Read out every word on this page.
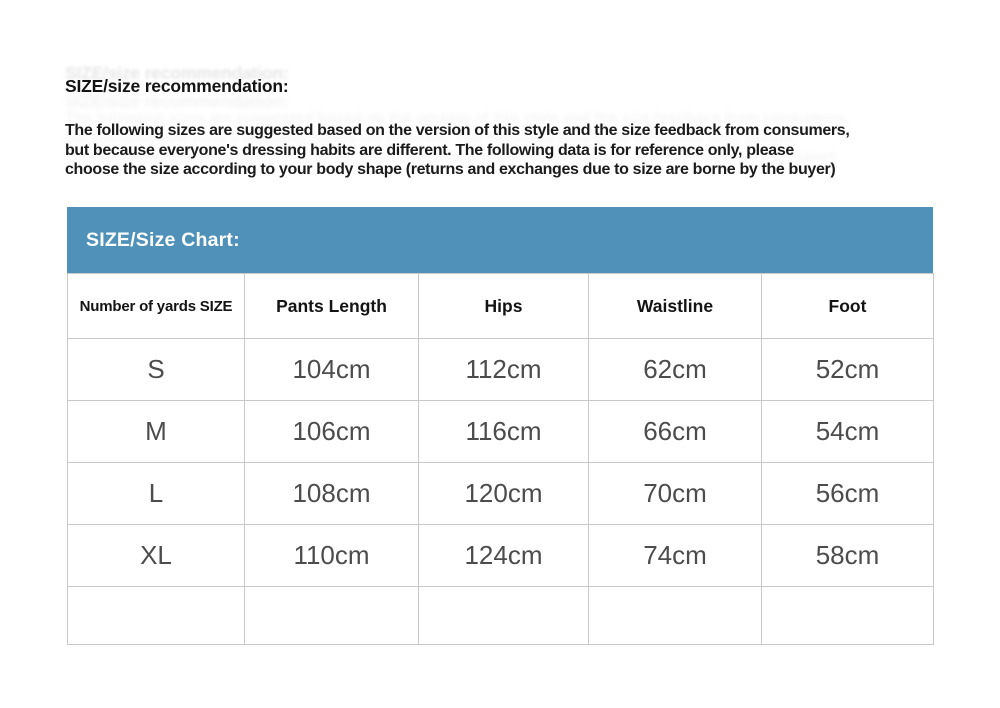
SIZE/size recommendation:
The following sizes are suggested based on the version of this style and the size feedback from consumers,
but because everyone's dressing habits are different. The following data is for reference only, please
choose the size according to your body shape (returns and exchanges due to size are borne by the buyer)
SIZE/Size Chart:
Number of yards SIZE	Pants Length	Hips	Waistline	Foot
S	104cm	112cm	62cm	52cm
M	106cm	116cm	66cm	54cm
L	108cm	120cm	70cm	56cm
XL	110cm	124cm	74cm	58cm
